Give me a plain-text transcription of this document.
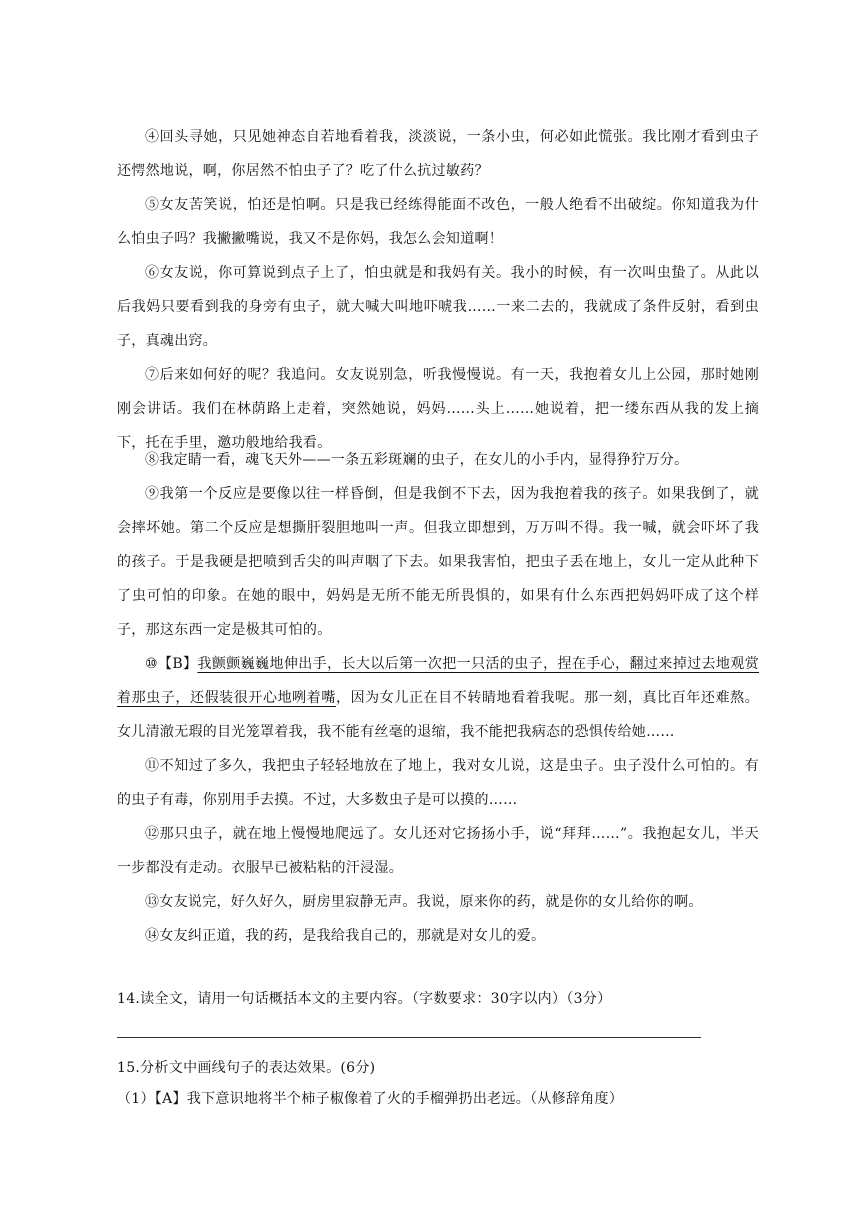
④回头寻她，只见她神态自若地看着我，淡淡说，一条小虫，何必如此慌张。我比刚才看到虫子还愕然地说，啊，你居然不怕虫子了？吃了什么抗过敏药？

⑤女友苦笑说，怕还是怕啊。只是我已经练得能面不改色，一般人绝看不出破绽。你知道我为什么怕虫子吗？我撇撇嘴说，我又不是你妈，我怎么会知道啊！

⑥女友说，你可算说到点子上了，怕虫就是和我妈有关。我小的时候，有一次叫虫蛰了。从此以后我妈只要看到我的身旁有虫子，就大喊大叫地吓唬我……一来二去的，我就成了条件反射，看到虫子，真魂出窍。

⑦后来如何好的呢？我追问。女友说别急，听我慢慢说。有一天，我抱着女儿上公园，那时她刚刚会讲话。我们在林荫路上走着，突然她说，妈妈……头上……她说着，把一缕东西从我的发上摘下，托在手里，邀功般地给我看。

⑧我定睛一看，魂飞天外——一条五彩斑斓的虫子，在女儿的小手内，显得狰狞万分。

⑨我第一个反应是要像以往一样昏倒，但是我倒不下去，因为我抱着我的孩子。如果我倒了，就会摔坏她。第二个反应是想撕肝裂胆地叫一声。但我立即想到，万万叫不得。我一喊，就会吓坏了我的孩子。于是我硬是把喷到舌尖的叫声咽了下去。如果我害怕，把虫子丢在地上，女儿一定从此种下了虫可怕的印象。在她的眼中，妈妈是无所不能无所畏惧的，如果有什么东西把妈妈吓成了这个样子，那这东西一定是极其可怕的。

⑩【B】我颤颤巍巍地伸出手，长大以后第一次把一只活的虫子，捏在手心，翻过来掉过去地观赏着那虫子，还假装很开心地咧着嘴，因为女儿正在目不转睛地看着我呢。那一刻，真比百年还难熬。女儿清澈无瑕的目光笼罩着我，我不能有丝毫的退缩，我不能把我病态的恐惧传给她……

⑪不知过了多久，我把虫子轻轻地放在了地上，我对女儿说，这是虫子。虫子没什么可怕的。有的虫子有毒，你别用手去摸。不过，大多数虫子是可以摸的……

⑫那只虫子，就在地上慢慢地爬远了。女儿还对它扬扬小手，说“拜拜……”。我抱起女儿，半天一步都没有走动。衣服早已被粘粘的汗浸湿。

⑬女友说完，好久好久，厨房里寂静无声。我说，原来你的药，就是你的女儿给你的啊。

⑭女友纠正道，我的药，是我给我自己的，那就是对女儿的爱。

14.读全文，请用一句话概括本文的主要内容。（字数要求：30字以内）（3分）

15.分析文中画线句子的表达效果。(6分)

（1）【A】我下意识地将半个柿子椒像着了火的手榴弹扔出老远。（从修辞角度）
